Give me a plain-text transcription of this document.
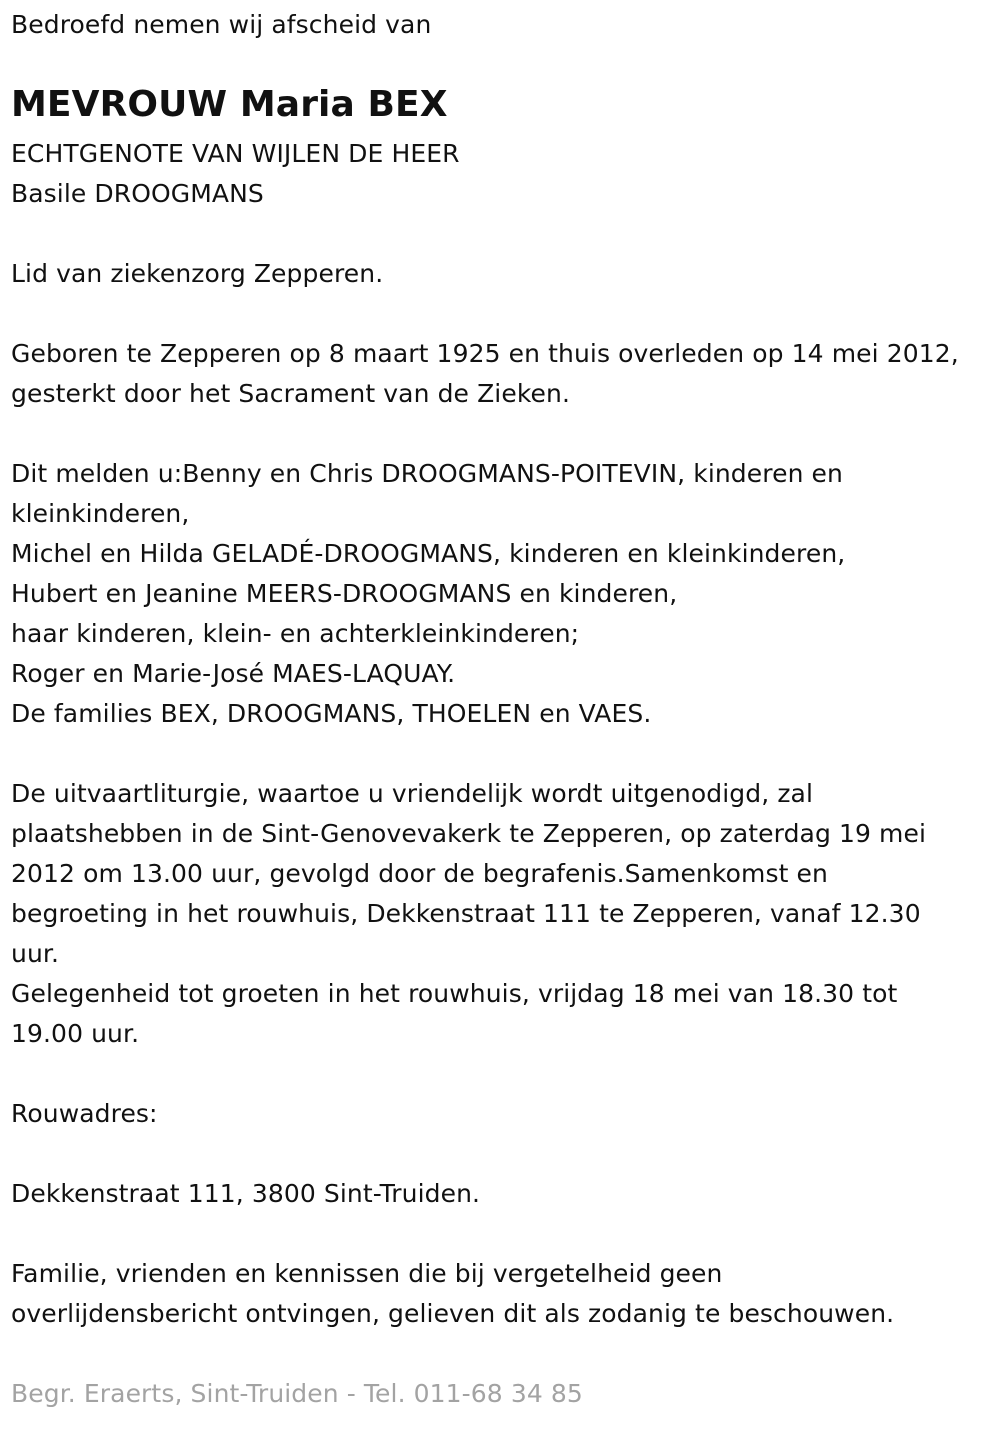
Bedroefd nemen wij afscheid van
MEVROUW Maria BEX
ECHTGENOTE VAN WIJLEN DE HEER
Basile DROOGMANS
Lid van ziekenzorg Zepperen.
Geboren te Zepperen op 8 maart 1925 en thuis overleden op 14 mei 2012,
gesterkt door het Sacrament van de Zieken.
Dit melden u:Benny en Chris DROOGMANS-POITEVIN, kinderen en
kleinkinderen,
Michel en Hilda GELADÉ-DROOGMANS, kinderen en kleinkinderen,
Hubert en Jeanine MEERS-DROOGMANS en kinderen,
haar kinderen, klein- en achterkleinkinderen;
Roger en Marie-José MAES-LAQUAY.
De families BEX, DROOGMANS, THOELEN en VAES.
De uitvaartliturgie, waartoe u vriendelijk wordt uitgenodigd, zal
plaatshebben in de Sint-Genovevakerk te Zepperen, op zaterdag 19 mei
2012 om 13.00 uur, gevolgd door de begrafenis.Samenkomst en
begroeting in het rouwhuis, Dekkenstraat 111 te Zepperen, vanaf 12.30
uur.
Gelegenheid tot groeten in het rouwhuis, vrijdag 18 mei van 18.30 tot
19.00 uur.
Rouwadres:
Dekkenstraat 111, 3800 Sint-Truiden.
Familie, vrienden en kennissen die bij vergetelheid geen
overlijdensbericht ontvingen, gelieven dit als zodanig te beschouwen.
Begr. Eraerts, Sint-Truiden - Tel. 011-68 34 85
